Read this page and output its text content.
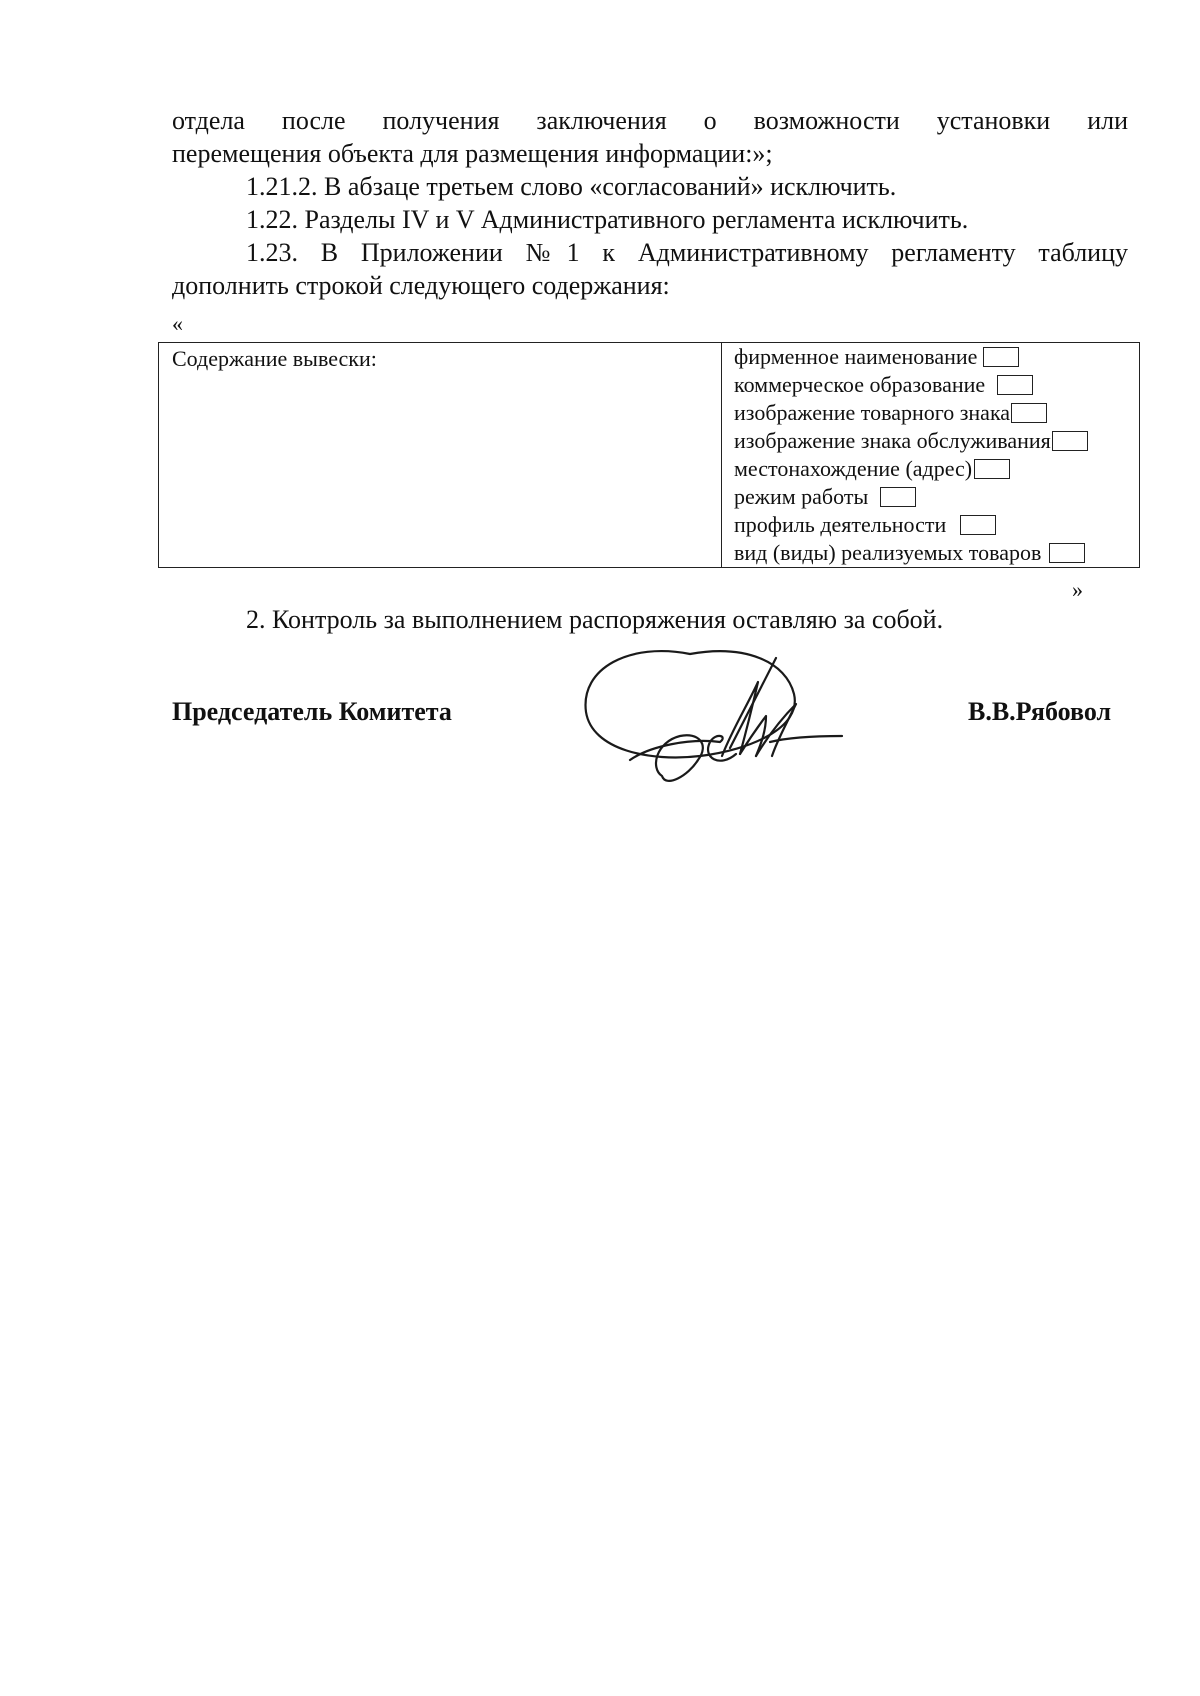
отдела после получения заключения о возможности установки или

перемещения объекта для размещения информации:»;

1.21.2. В абзаце третьем слово «согласований» исключить.

1.22. Разделы IV и V Административного регламента исключить.

1.23. В Приложении №1 к Административному регламенту таблицу

дополнить строкой следующего содержания:

«
Содержание вывески:	фирменное наименование
коммерческое образование
изображение товарного знака
изображение знака обслуживания
местонахождение (адрес)
режим работы
профиль деятельности
вид (виды) реализуемых товаров
»

2. Контроль за выполнением распоряжения оставляю за собой.

Председатель Комитета	В.В.Рябовол
